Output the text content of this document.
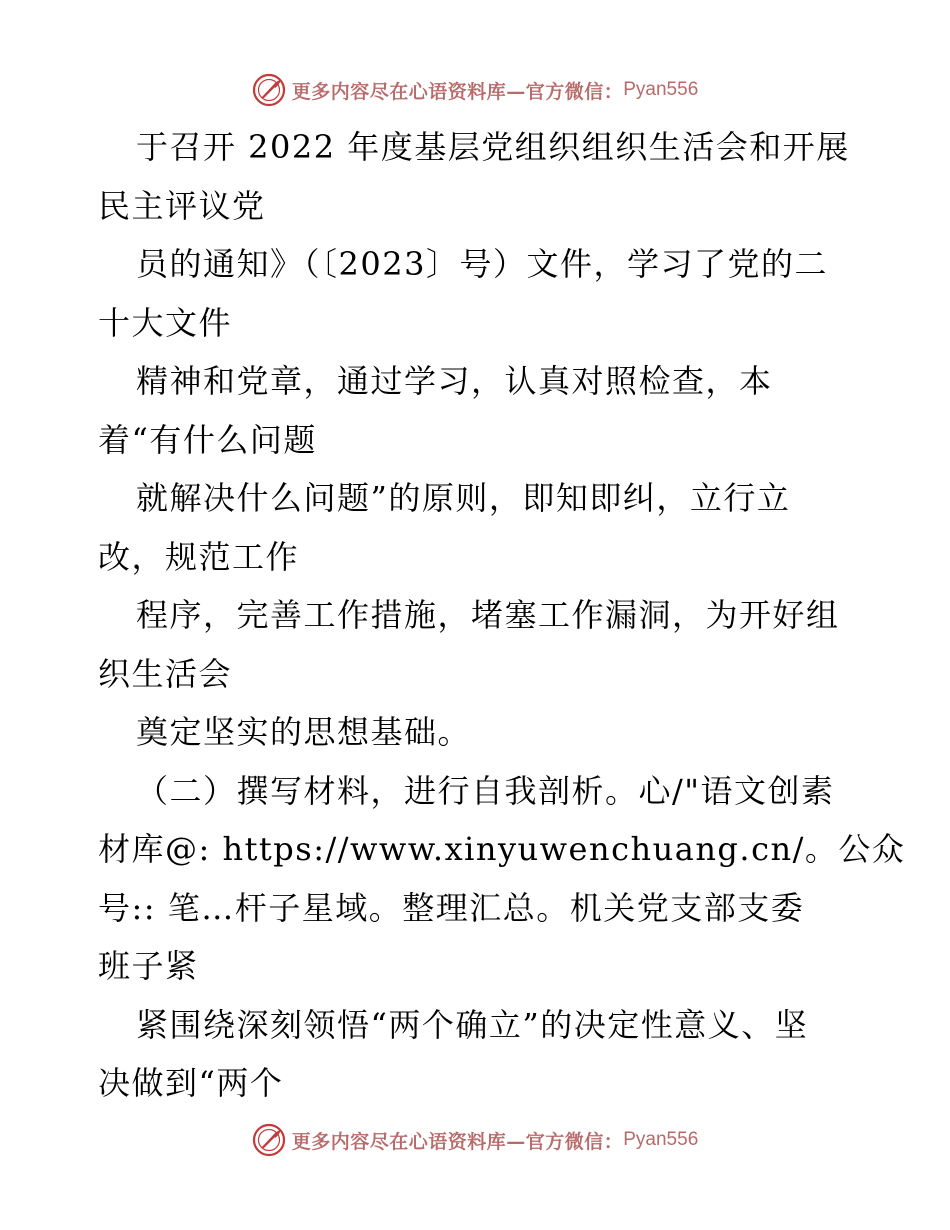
更多内容尽在心语资料库—官方微信： Pyan556
于召开 2022 年度基层党组织组织生活会和开展
民主评议党
员的通知》（〔2023〕号）文件，学习了党的二
十大文件
精神和党章，通过学习，认真对照检查，本
着“有什么问题
就解决什么问题”的原则，即知即纠，立行立
改，规范工作
程序，完善工作措施，堵塞工作漏洞，为开好组
织生活会
奠定坚实的思想基础。
（二）撰写材料，进行自我剖析。心/"语文创素
材库@: https://www.xinyuwenchuang.cn/。公众
号:: 笔…杆子星域。整理汇总。机关党支部支委
班子紧
紧围绕深刻领悟“两个确立”的决定性意义、坚
决做到“两个
更多内容尽在心语资料库—官方微信： Pyan556
